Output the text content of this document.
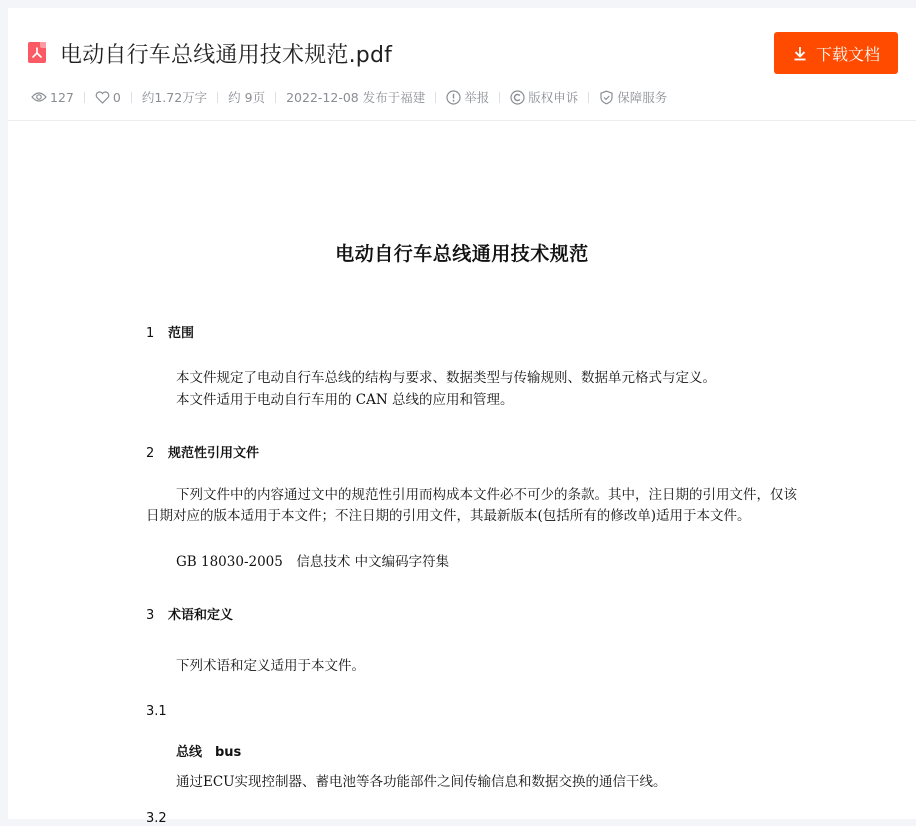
电动自行车总线通用技术规范.pdf	下载文档
127	0 约1.72万字 约 9页 2022-12-08 发布于福建	举报	版权申诉	保障服务
电动自行车总线通用技术规范
1 范围
本文件规定了电动自行车总线的结构与要求、数据类型与传输规则、数据单元格式与定义。
本文件适用于电动自行车用的 CAN 总线的应用和管理。
2 规范性引用文件
下列文件中的内容通过文中的规范性引用而构成本文件必不可少的条款。其中，注日期的引用文件，仅该日期对应的版本适用于本文件；不注日期的引用文件，其最新版本(包括所有的修改单)适用于本文件。
GB 18030-2005　信息技术 中文编码字符集
3 术语和定义
下列术语和定义适用于本文件。
3.1
总线　bus
通过ECU实现控制器、蓄电池等各功能部件之间传输信息和数据交换的通信干线。
3.2
